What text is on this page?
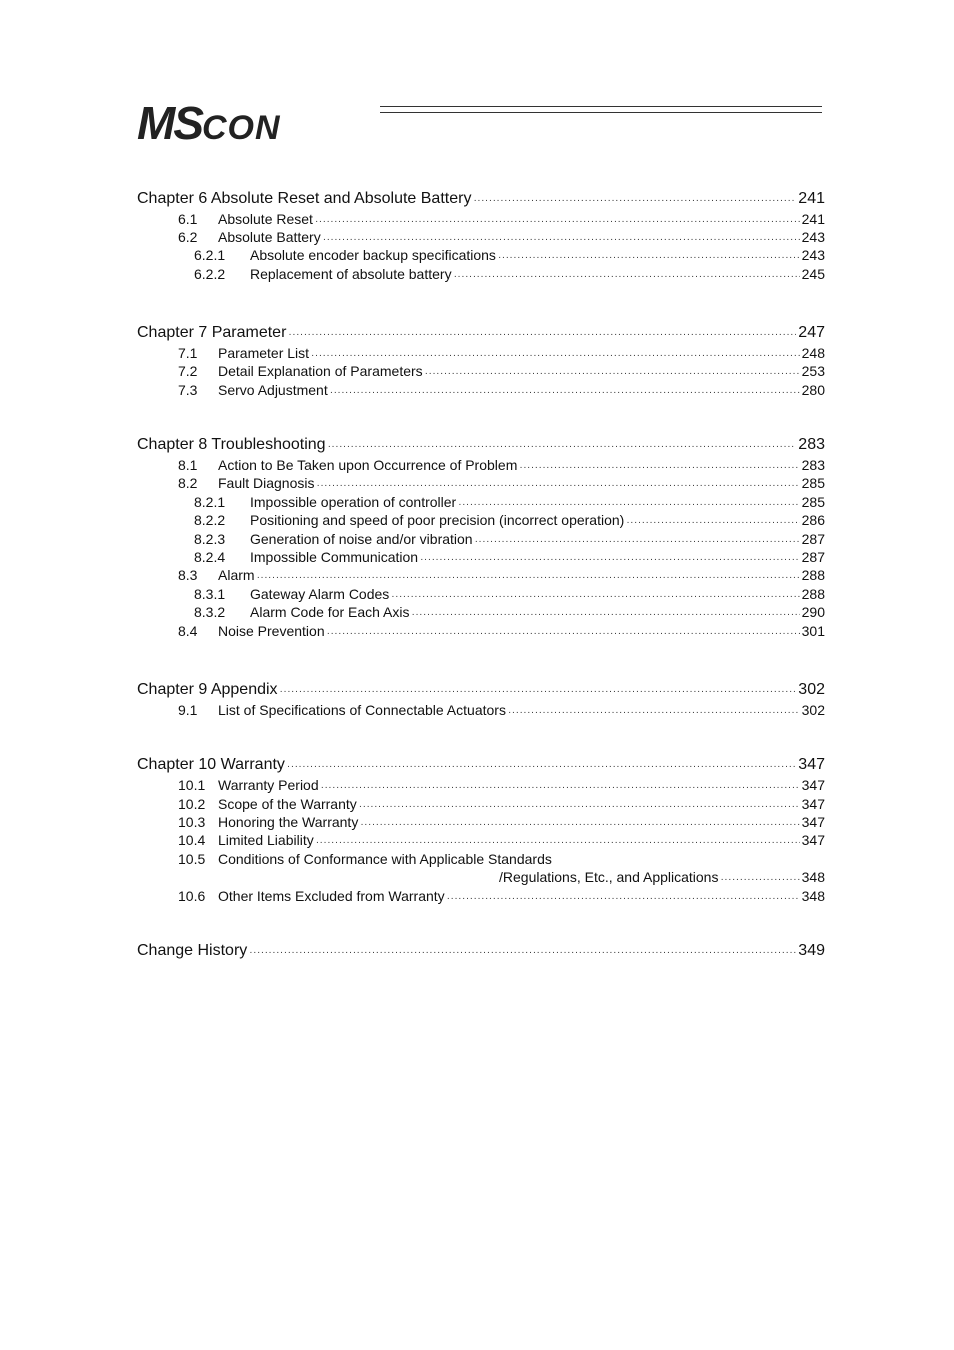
MSCON
Chapter 6 Absolute Reset and Absolute Battery ·····	241
6.1	Absolute Reset ·····	241
6.2	Absolute Battery ·····	243
6.2.1	Absolute encoder backup specifications ·····	243
6.2.2	Replacement of absolute battery ·····	245
Chapter 7 Parameter ·····	247
7.1	Parameter List ·····	248
7.2	Detail Explanation of Parameters ·····	253
7.3	Servo Adjustment ·····	280
Chapter 8 Troubleshooting ·····	283
8.1	Action to Be Taken upon Occurrence of Problem ·····	283
8.2	Fault Diagnosis ·····	285
8.2.1	Impossible operation of controller ·····	285
8.2.2	Positioning and speed of poor precision (incorrect operation) ·····	286
8.2.3	Generation of noise and/or vibration ·····	287
8.2.4	Impossible Communication ·····	287
8.3	Alarm ·····	288
8.3.1	Gateway Alarm Codes ·····	288
8.3.2	Alarm Code for Each Axis ·····	290
8.4	Noise Prevention ·····	301
Chapter 9 Appendix ·····	302
9.1	List of Specifications of Connectable Actuators ·····	302
Chapter 10 Warranty ·····	347
10.1 Warranty Period ·····	347
10.2 Scope of the Warranty ·····	347
10.3 Honoring the Warranty ·····	347
10.4 Limited Liability ·····	347
10.5 Conditions of Conformance with Applicable Standards
/Regulations, Etc., and Applications ·····	348
10.6 Other Items Excluded from Warranty ·····	348
Change History ·····	349
